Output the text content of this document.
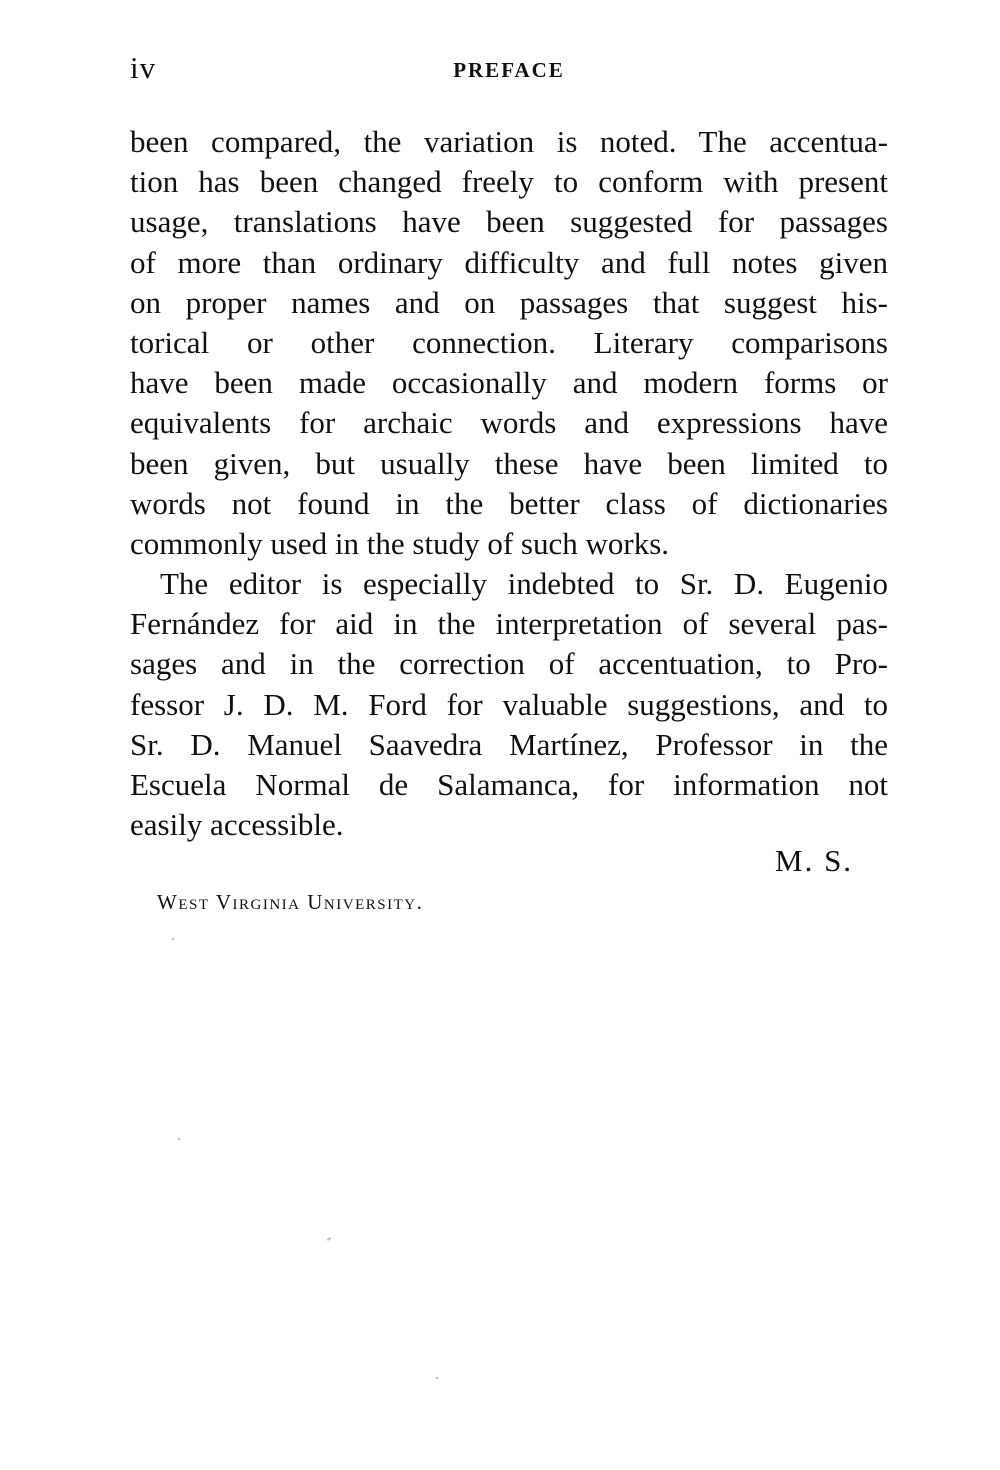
iv	PREFACE

been compared, the variation is noted. The accentua-
tion has been changed freely to conform with present
usage, translations have been suggested for passages
of more than ordinary difficulty and full notes given
on proper names and on passages that suggest his-
torical or other connection. Literary comparisons
have been made occasionally and modern forms or
equivalents for archaic words and expressions have
been given, but usually these have been limited to
words not found in the better class of dictionaries
commonly used in the study of such works.

The editor is especially indebted to Sr. D. Eugenio
Fernández for aid in the interpretation of several pas-
sages and in the correction of accentuation, to Pro-
fessor J. D. M. Ford for valuable suggestions, and to
Sr. D. Manuel Saavedra Martínez, Professor in the
Escuela Normal de Salamanca, for information not
easily accessible.

M. S.
West Virginia University.
